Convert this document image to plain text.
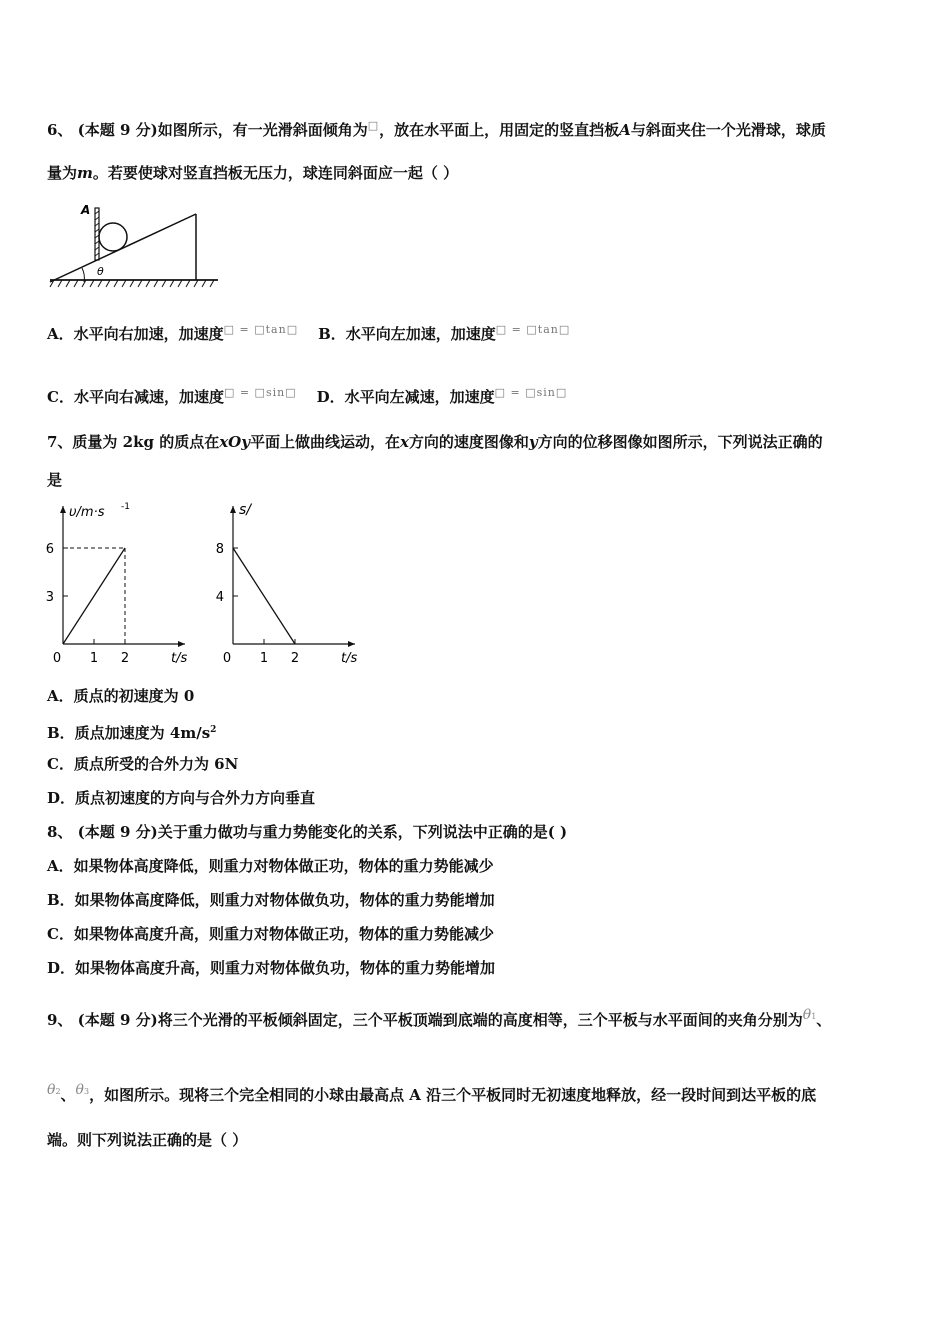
6、 (本题 9 分)如图所示，有一光滑斜面倾角为□，放在水平面上，用固定的竖直挡板A与斜面夹住一个光滑球，球质
量为m。若要使球对竖直挡板无压力，球连同斜面应一起（ ）
A
θ
A．水平向右加速，加速度□ = □tan□ B．水平向左加速，加速度□ = □tan□
C．水平向右减速，加速度□ = □sin□ D．水平向左减速，加速度□ = □sin□
7、质量为 2kg 的质点在xOy平面上做曲线运动，在x方向的速度图像和y方向的位移图像如图所示，下列说法正确的
是
0 1 2
3
6
υ/m·s -1
t/s	0 1 2
4
8
s/
t/s
A．质点的初速度为 0
B．质点加速度为 $4m/s^2$
C．质点所受的合外力为 6N
D．质点初速度的方向与合外力方向垂直
8、 (本题 9 分)关于重力做功与重力势能变化的关系，下列说法中正确的是( )
A．如果物体高度降低，则重力对物体做正功，物体的重力势能减少
B．如果物体高度降低，则重力对物体做负功，物体的重力势能增加
C．如果物体高度升高，则重力对物体做正功，物体的重力势能减少
D．如果物体高度升高，则重力对物体做负功，物体的重力势能增加
9、 (本题 9 分)将三个光滑的平板倾斜固定，三个平板顶端到底端的高度相等，三个平板与水平面间的夹角分别为θ1、
θ2、θ3，如图所示。现将三个完全相同的小球由最高点 A 沿三个平板同时无初速度地释放，经一段时间到达平板的底
端。则下列说法正确的是（ ）
